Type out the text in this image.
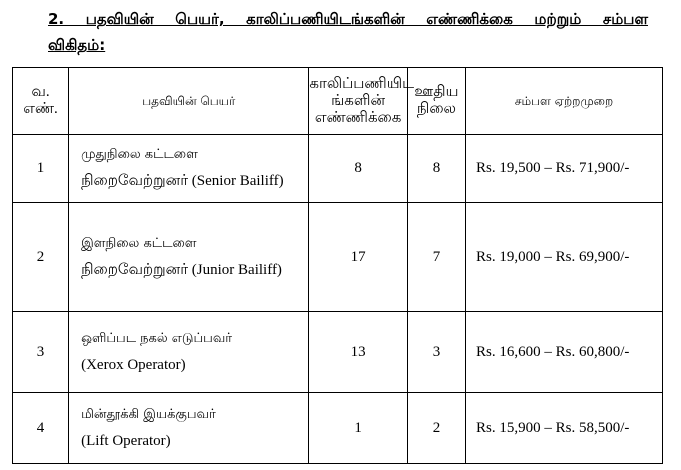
2. பதவியின் பெயர், காலிப்பணியிடங்களின் எண்ணிக்கை மற்றும் சம்பள
விகிதம்:
வ.
எண்.	பதவியின் பெயர்	காலிப்பணியிட
ங்களின்
எண்ணிக்கை	ஊதிய
நிலை	சம்பள ஏற்றமுறை
1	முதுநிலை கட்டளை
நிறைவேற்றுனர் (Senior Bailiff)	8	8	Rs. 19,500 – Rs. 71,900/-
2	இளநிலை கட்டளை
நிறைவேற்றுனர் (Junior Bailiff)	17	7	Rs. 19,000 – Rs. 69,900/-
3	ஒளிப்பட நகல் எடுப்பவர்
(Xerox Operator)	13	3	Rs. 16,600 – Rs. 60,800/-
4	மின்தூக்கி இயக்குபவர்
(Lift Operator)	1	2	Rs. 15,900 – Rs. 58,500/-
